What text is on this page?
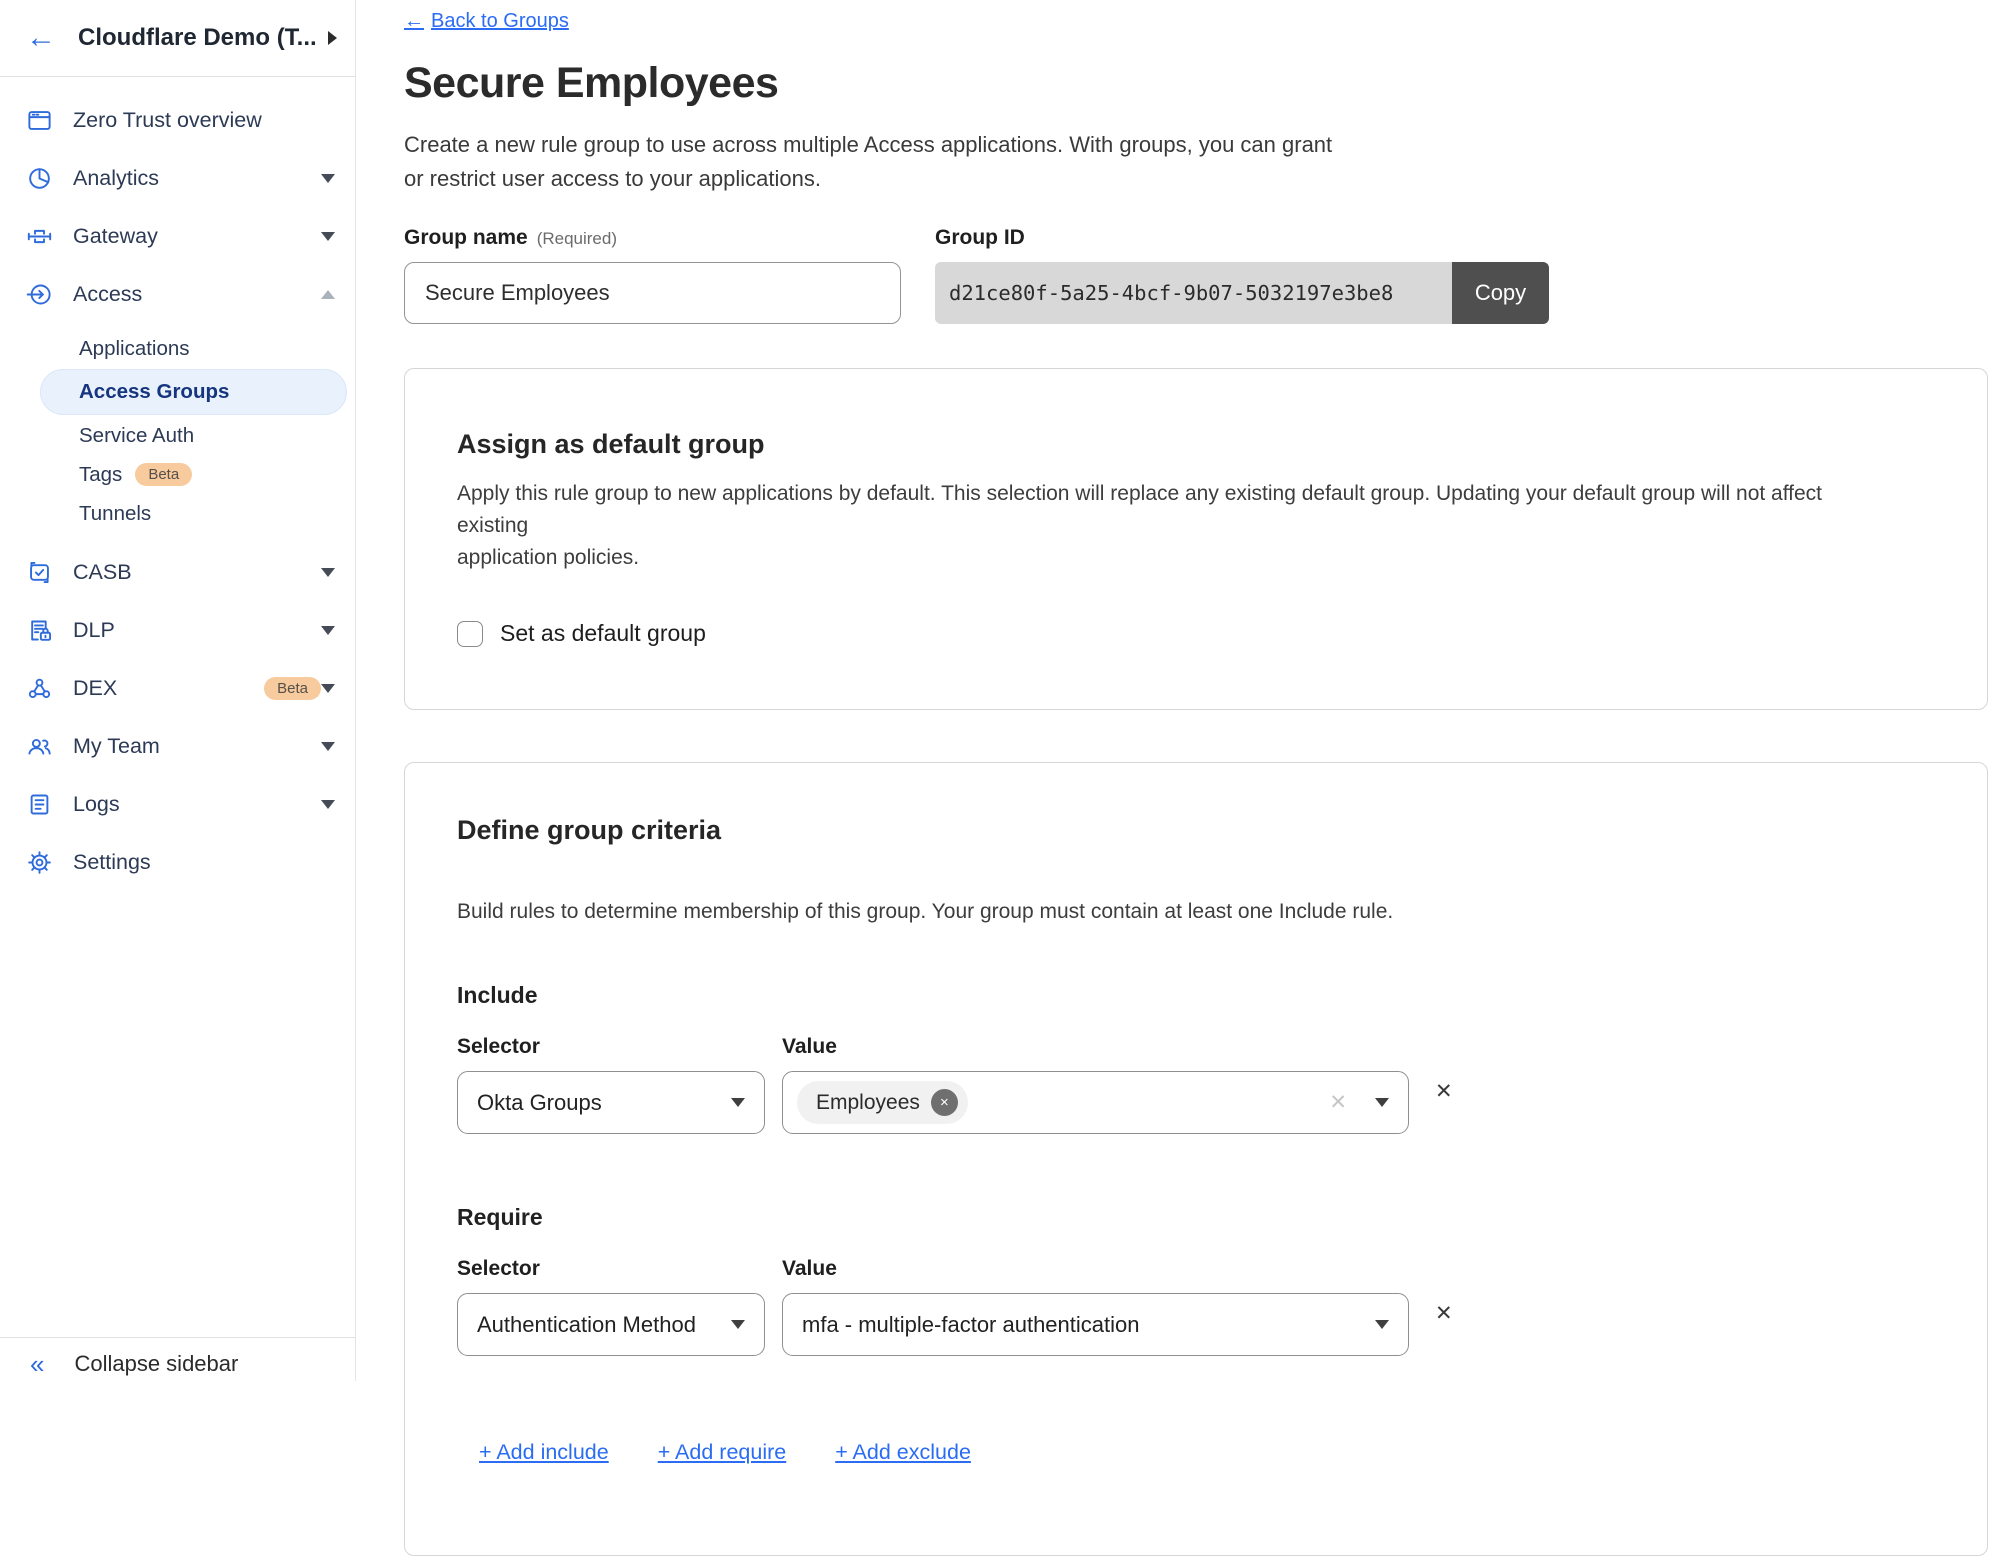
← Cloudflare Demo (T...
Zero Trust overview
Analytics
Gateway
Access
Applications
Access Groups
Service Auth
Tags	Beta
Tunnels
CASB
DLP
DEX	Beta
My Team
Logs
Settings
« Collapse sidebar
← Back to Groups
Secure Employees
Create a new rule group to use across multiple Access applications. With groups, you can grant
or restrict user access to your applications.
Group name (Required)
Secure Employees	Group ID
d21ce80f-5a25-4bcf-9b07-5032197e3be8	Copy
Assign as default group
Apply this rule group to new applications by default. This selection will replace any existing default group. Updating your default group will not affect existing
application policies.
Set as default group
Define group criteria
Build rules to determine membership of this group. Your group must contain at least one Include rule.
Include
Selector	Value
Okta Groups	Employees	×	✕	✕
Require
Selector	Value
Authentication Method	mfa - multiple-factor authentication	✕
+ Add include + Add require + Add exclude
